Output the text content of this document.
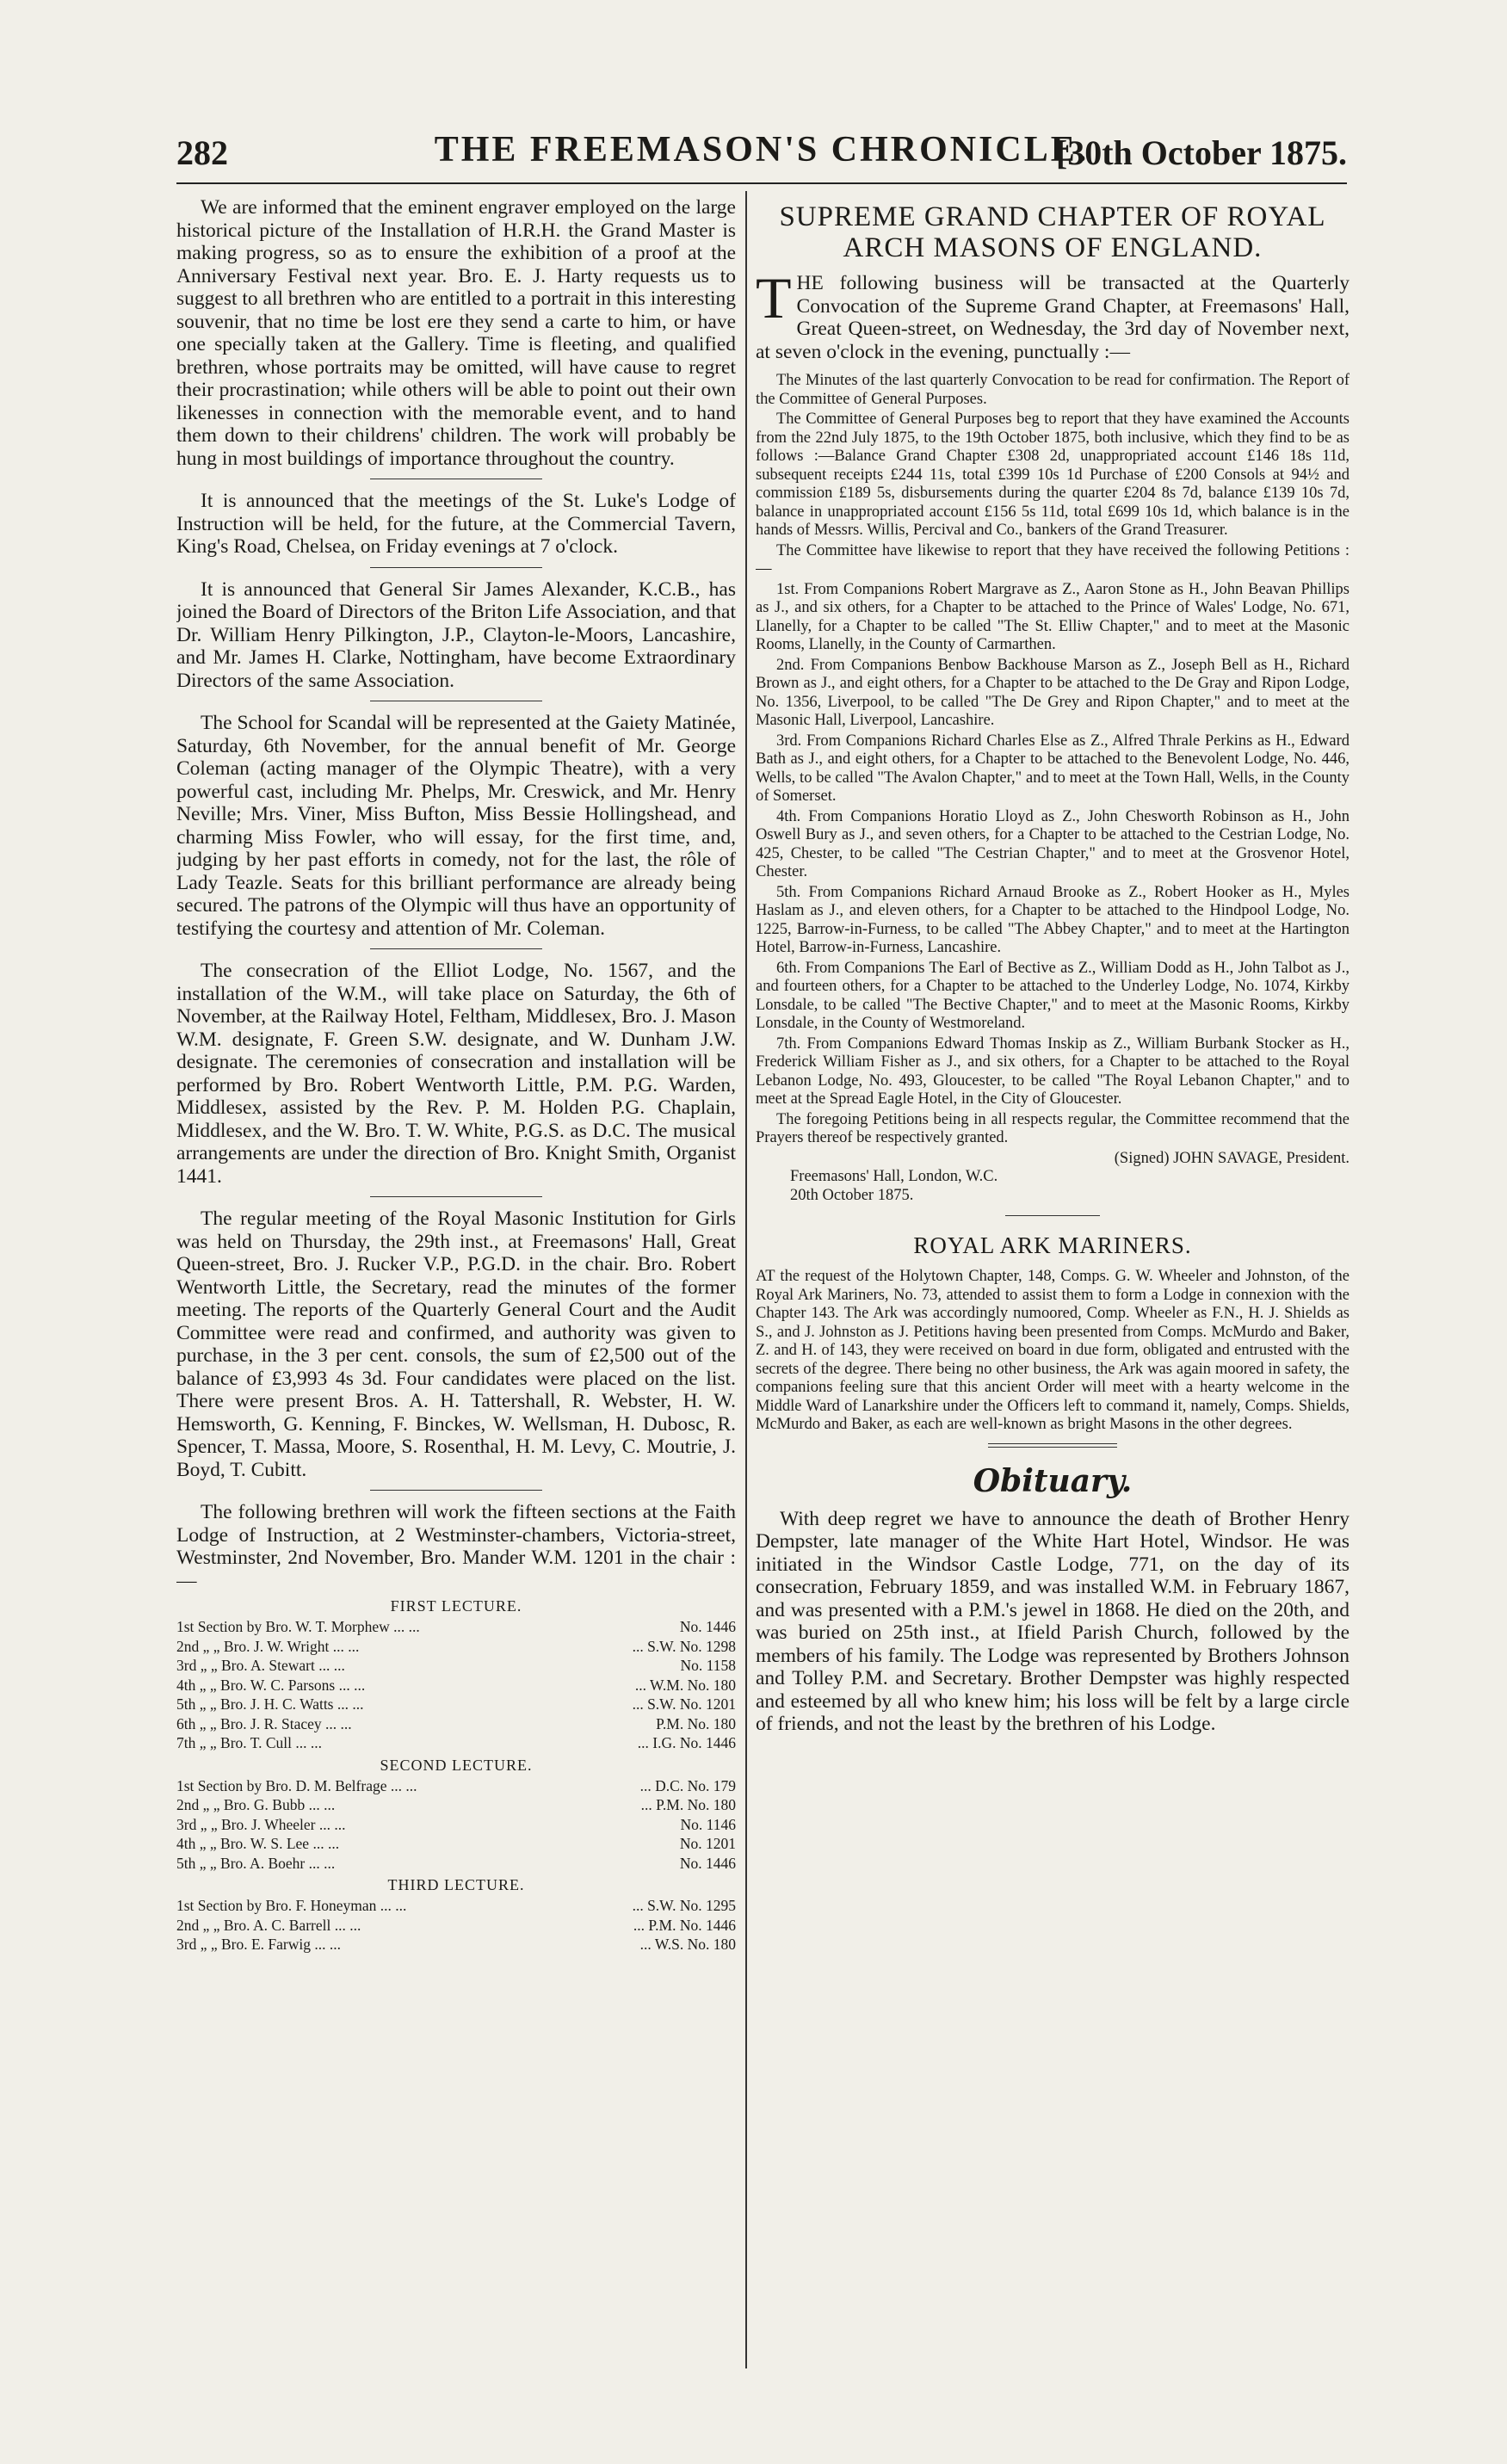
282	THE FREEMASON'S CHRONICLE.
[30th October 1875.

We are informed that the eminent engraver employed on the large historical picture of the Installation of H.R.H. the Grand Master is making progress, so as to ensure the exhibition of a proof at the Anniversary Festival next year. Bro. E. J. Harty requests us to suggest to all brethren who are entitled to a portrait in this interesting souvenir, that no time be lost ere they send a carte to him, or have one specially taken at the Gallery. Time is fleeting, and qualified brethren, whose portraits may be omitted, will have cause to regret their procrastination; while others will be able to point out their own likenesses in connection with the memorable event, and to hand them down to their childrens' children. The work will probably be hung in most buildings of importance throughout the country.

It is announced that the meetings of the St. Luke's Lodge of Instruction will be held, for the future, at the Commercial Tavern, King's Road, Chelsea, on Friday evenings at 7 o'clock.

It is announced that General Sir James Alexander, K.C.B., has joined the Board of Directors of the Briton Life Association, and that Dr. William Henry Pilkington, J.P., Clayton-le-Moors, Lancashire, and Mr. James H. Clarke, Nottingham, have become Extraordinary Directors of the same Association.

The School for Scandal will be represented at the Gaiety Matinée, Saturday, 6th November, for the annual benefit of Mr. George Coleman (acting manager of the Olympic Theatre), with a very powerful cast, including Mr. Phelps, Mr. Creswick, and Mr. Henry Neville; Mrs. Viner, Miss Bufton, Miss Bessie Hollingshead, and charming Miss Fowler, who will essay, for the first time, and, judging by her past efforts in comedy, not for the last, the rôle of Lady Teazle. Seats for this brilliant performance are already being secured. The patrons of the Olympic will thus have an opportunity of testifying the courtesy and attention of Mr. Coleman.

The consecration of the Elliot Lodge, No. 1567, and the installation of the W.M., will take place on Saturday, the 6th of November, at the Railway Hotel, Feltham, Middlesex, Bro. J. Mason W.M. designate, F. Green S.W. designate, and W. Dunham J.W. designate. The ceremonies of consecration and installation will be performed by Bro. Robert Wentworth Little, P.M. P.G. Warden, Middlesex, assisted by the Rev. P. M. Holden P.G. Chaplain, Middlesex, and the W. Bro. T. W. White, P.G.S. as D.C. The musical arrangements are under the direction of Bro. Knight Smith, Organist 1441.

The regular meeting of the Royal Masonic Institution for Girls was held on Thursday, the 29th inst., at Freemasons' Hall, Great Queen-street, Bro. J. Rucker V.P., P.G.D. in the chair. Bro. Robert Wentworth Little, the Secretary, read the minutes of the former meeting. The reports of the Quarterly General Court and the Audit Committee were read and confirmed, and authority was given to purchase, in the 3 per cent. consols, the sum of £2,500 out of the balance of £3,993 4s 3d. Four candidates were placed on the list. There were present Bros. A. H. Tattershall, R. Webster, H. W. Hemsworth, G. Kenning, F. Binckes, W. Wellsman, H. Dubosc, R. Spencer, T. Massa, Moore, S. Rosenthal, H. M. Levy, C. Moutrie, J. Boyd, T. Cubitt.

The following brethren will work the fifteen sections at the Faith Lodge of Instruction, at 2 Westminster-chambers, Victoria-street, Westminster, 2nd November, Bro. Mander W.M. 1201 in the chair :—

FIRST LECTURE.
1st Section by Bro. W. T. Morphew ... ...	No. 1446
2nd „ „ Bro. J. W. Wright ... ...	... S.W. No. 1298
3rd „ „ Bro. A. Stewart ... ...	No. 1158
4th „ „ Bro. W. C. Parsons ... ...	... W.M. No. 180
5th „ „ Bro. J. H. C. Watts ... ...	... S.W. No. 1201
6th „ „ Bro. J. R. Stacey ... ...	P.M. No. 180
7th „ „ Bro. T. Cull ... ...	... I.G. No. 1446
SECOND LECTURE.
1st Section by Bro. D. M. Belfrage ... ...	... D.C. No. 179
2nd „ „ Bro. G. Bubb ... ...	... P.M. No. 180
3rd „ „ Bro. J. Wheeler ... ...	No. 1146
4th „ „ Bro. W. S. Lee ... ...	No. 1201
5th „ „ Bro. A. Boehr ... ...	No. 1446
THIRD LECTURE.
1st Section by Bro. F. Honeyman ... ...	... S.W. No. 1295
2nd „ „ Bro. A. C. Barrell ... ...	... P.M. No. 1446
3rd „ „ Bro. E. Farwig ... ...	... W.S. No. 180
SUPREME GRAND CHAPTER OF ROYAL ARCH MASONS OF ENGLAND.

THE following business will be transacted at the Quarterly Convocation of the Supreme Grand Chapter, at Freemasons' Hall, Great Queen-street, on Wednesday, the 3rd day of November next, at seven o'clock in the evening, punctually :—

The Minutes of the last quarterly Convocation to be read for confirmation. The Report of the Committee of General Purposes.

The Committee of General Purposes beg to report that they have examined the Accounts from the 22nd July 1875, to the 19th October 1875, both inclusive, which they find to be as follows :—Balance Grand Chapter £308 2d, unappropriated account £146 18s 11d, subsequent receipts £244 11s, total £399 10s 1d Purchase of £200 Consols at 94½ and commission £189 5s, disbursements during the quarter £204 8s 7d, balance £139 10s 7d, balance in unappropriated account £156 5s 11d, total £699 10s 1d, which balance is in the hands of Messrs. Willis, Percival and Co., bankers of the Grand Treasurer.

The Committee have likewise to report that they have received the following Petitions :—

1st. From Companions Robert Margrave as Z., Aaron Stone as H., John Beavan Phillips as J., and six others, for a Chapter to be attached to the Prince of Wales' Lodge, No. 671, Llanelly, for a Chapter to be called "The St. Elliw Chapter," and to meet at the Masonic Rooms, Llanelly, in the County of Carmarthen.

2nd. From Companions Benbow Backhouse Marson as Z., Joseph Bell as H., Richard Brown as J., and eight others, for a Chapter to be attached to the De Gray and Ripon Lodge, No. 1356, Liverpool, to be called "The De Grey and Ripon Chapter," and to meet at the Masonic Hall, Liverpool, Lancashire.

3rd. From Companions Richard Charles Else as Z., Alfred Thrale Perkins as H., Edward Bath as J., and eight others, for a Chapter to be attached to the Benevolent Lodge, No. 446, Wells, to be called "The Avalon Chapter," and to meet at the Town Hall, Wells, in the County of Somerset.

4th. From Companions Horatio Lloyd as Z., John Chesworth Robinson as H., John Oswell Bury as J., and seven others, for a Chapter to be attached to the Cestrian Lodge, No. 425, Chester, to be called "The Cestrian Chapter," and to meet at the Grosvenor Hotel, Chester.

5th. From Companions Richard Arnaud Brooke as Z., Robert Hooker as H., Myles Haslam as J., and eleven others, for a Chapter to be attached to the Hindpool Lodge, No. 1225, Barrow-in-Furness, to be called "The Abbey Chapter," and to meet at the Hartington Hotel, Barrow-in-Furness, Lancashire.

6th. From Companions The Earl of Bective as Z., William Dodd as H., John Talbot as J., and fourteen others, for a Chapter to be attached to the Underley Lodge, No. 1074, Kirkby Lonsdale, to be called "The Bective Chapter," and to meet at the Masonic Rooms, Kirkby Lonsdale, in the County of Westmoreland.

7th. From Companions Edward Thomas Inskip as Z., William Burbank Stocker as H., Frederick William Fisher as J., and six others, for a Chapter to be attached to the Royal Lebanon Lodge, No. 493, Gloucester, to be called "The Royal Lebanon Chapter," and to meet at the Spread Eagle Hotel, in the City of Gloucester.

The foregoing Petitions being in all respects regular, the Committee recommend that the Prayers thereof be respectively granted.

(Signed) JOHN SAVAGE, President.

Freemasons' Hall, London, W.C.

20th October 1875.

ROYAL ARK MARINERS.

AT the request of the Holytown Chapter, 148, Comps. G. W. Wheeler and Johnston, of the Royal Ark Mariners, No. 73, attended to assist them to form a Lodge in connexion with the Chapter 143. The Ark was accordingly numoored, Comp. Wheeler as F.N., H. J. Shields as S., and J. Johnston as J. Petitions having been presented from Comps. McMurdo and Baker, Z. and H. of 143, they were received on board in due form, obligated and entrusted with the secrets of the degree. There being no other business, the Ark was again moored in safety, the companions feeling sure that this ancient Order will meet with a hearty welcome in the Middle Ward of Lanarkshire under the Officers left to command it, namely, Comps. Shields, McMurdo and Baker, as each are well-known as bright Masons in the other degrees.

Obituary.

With deep regret we have to announce the death of Brother Henry Dempster, late manager of the White Hart Hotel, Windsor. He was initiated in the Windsor Castle Lodge, 771, on the day of its consecration, February 1859, and was installed W.M. in February 1867, and was presented with a P.M.'s jewel in 1868. He died on the 20th, and was buried on 25th inst., at Ifield Parish Church, followed by the members of his family. The Lodge was represented by Brothers Johnson and Tolley P.M. and Secretary. Brother Dempster was highly respected and esteemed by all who knew him; his loss will be felt by a large circle of friends, and not the least by the brethren of his Lodge.
